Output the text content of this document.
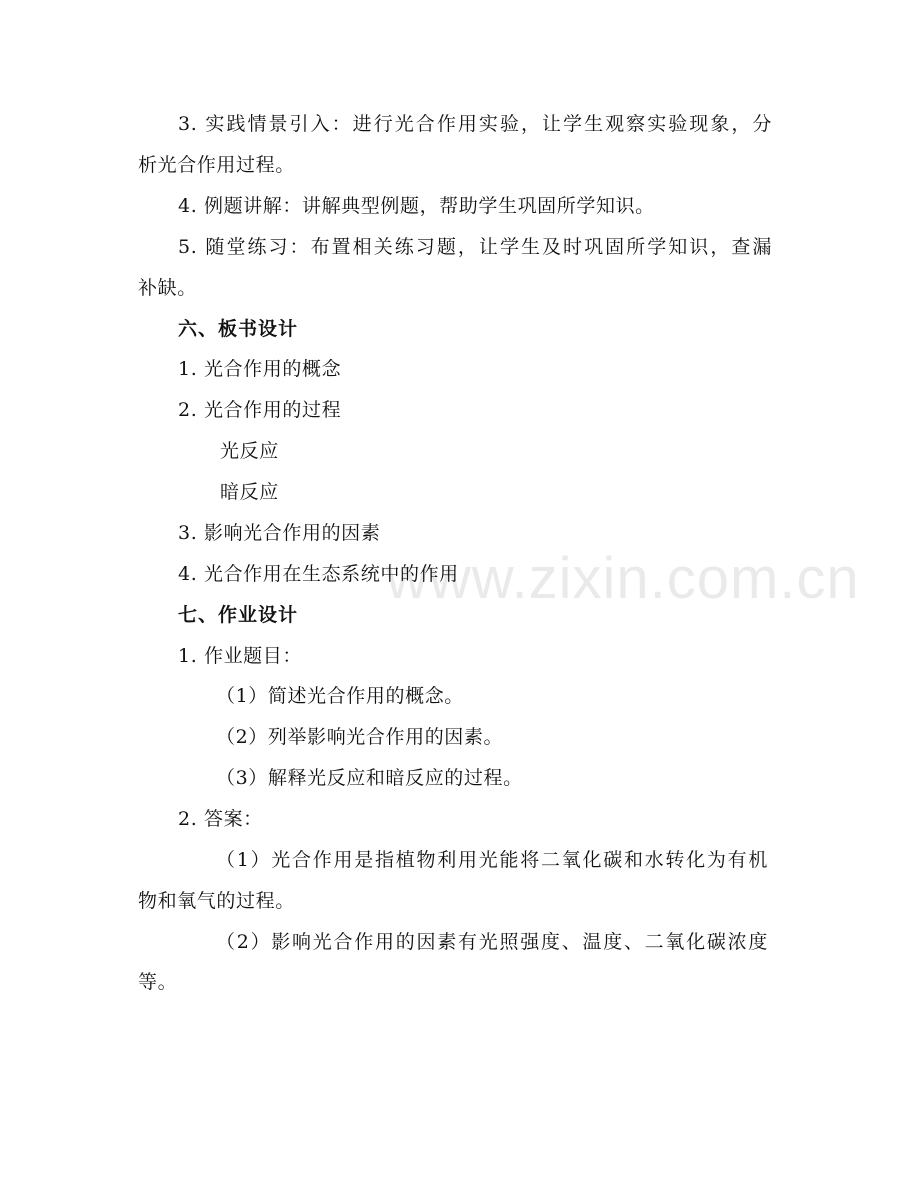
3. 实践情景引入：进行光合作用实验，让学生观察实验现象，分
析光合作用过程。
4. 例题讲解：讲解典型例题，帮助学生巩固所学知识。
5. 随堂练习：布置相关练习题，让学生及时巩固所学知识，查漏
补缺。
六、板书设计
1. 光合作用的概念
2. 光合作用的过程
光反应
暗反应
3. 影响光合作用的因素
4. 光合作用在生态系统中的作用
七、作业设计
1. 作业题目：
（1）简述光合作用的概念。
（2）列举影响光合作用的因素。
（3）解释光反应和暗反应的过程。
2. 答案：
（1）光合作用是指植物利用光能将二氧化碳和水转化为有机
物和氧气的过程。
（2）影响光合作用的因素有光照强度、温度、二氧化碳浓度
等。
www.zixin.com.cn
